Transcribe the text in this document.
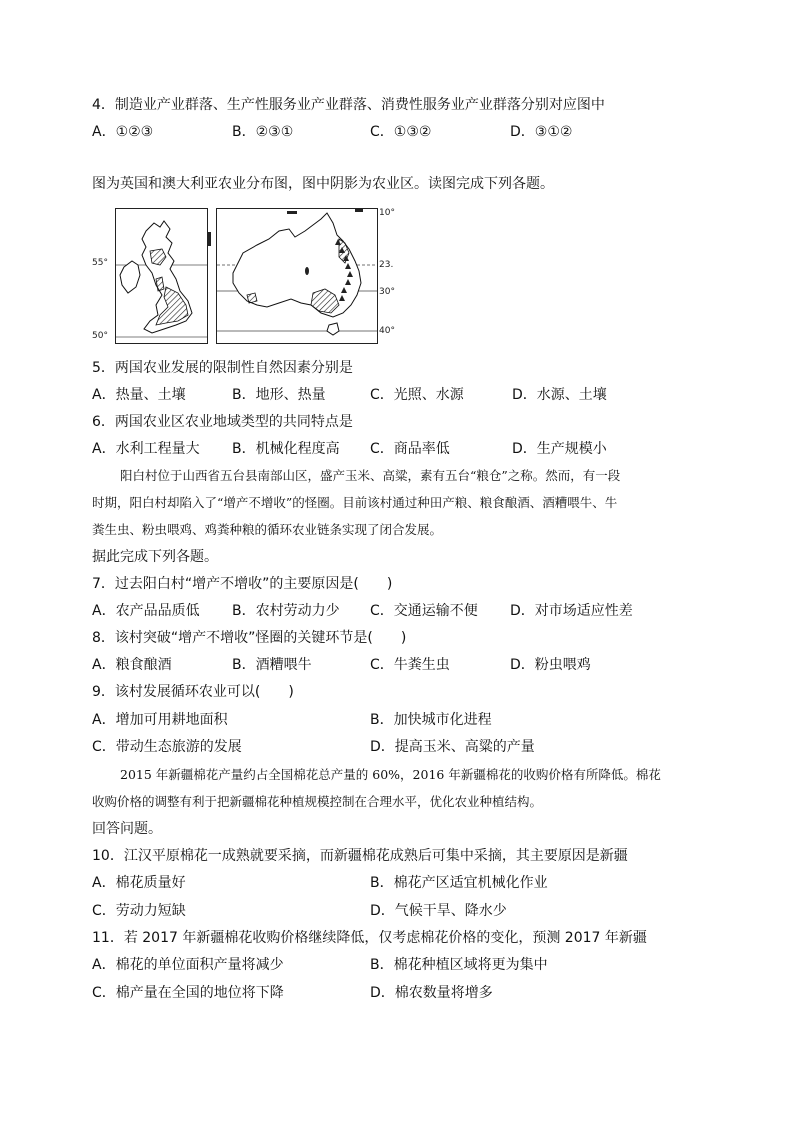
4．制造业产业群落、生产性服务业产业群落、消费性服务业产业群落分别对应图中
A．①②③	B．②③①	C．①③②	D．③①②
图为英国和澳大利亚农业分布图，图中阴影为农业区。读图完成下列各题。
55°
50°
10°
23.
30°
40°
5．两国农业发展的限制性自然因素分别是
A．热量、土壤	B．地形、热量	C．光照、水源	D．水源、土壤
6．两国农业区农业地域类型的共同特点是
A．水利工程量大 B．机械化程度高 C．商品率低	D．生产规模小
阳白村位于山西省五台县南部山区，盛产玉米、高粱，素有五台“粮仓”之称。然而，有一段
时期，阳白村却陷入了“增产不增收”的怪圈。目前该村通过种田产粮、粮食酿酒、酒糟喂牛、牛
粪生虫、粉虫喂鸡、鸡粪种粮的循环农业链条实现了闭合发展。
据此完成下列各题。
7．过去阳白村“增产不增收”的主要原因是(　　)
A．农产品品质低 B．农村劳动力少 C．交通运输不便 D．对市场适应性差
8．该村突破“增产不增收”怪圈的关键环节是(　　)
A．粮食酿酒	B．酒糟喂牛	C．牛粪生虫	D．粉虫喂鸡
9．该村发展循环农业可以(　　)
A．增加可用耕地面积	B．加快城市化进程
C．带动生态旅游的发展	D．提高玉米、高粱的产量
2015 年新疆棉花产量约占全国棉花总产量的 60%，2016 年新疆棉花的收购价格有所降低。棉花
收购价格的调整有利于把新疆棉花种植规模控制在合理水平，优化农业种植结构。
回答问题。
10．江汉平原棉花一成熟就要采摘，而新疆棉花成熟后可集中采摘，其主要原因是新疆
A．棉花质量好	B．棉花产区适宜机械化作业
C．劳动力短缺	D．气候干旱、降水少
11．若 2017 年新疆棉花收购价格继续降低，仅考虑棉花价格的变化，预测 2017 年新疆
A．棉花的单位面积产量将减少	B．棉花种植区域将更为集中
C．棉产量在全国的地位将下降	D．棉农数量将增多
